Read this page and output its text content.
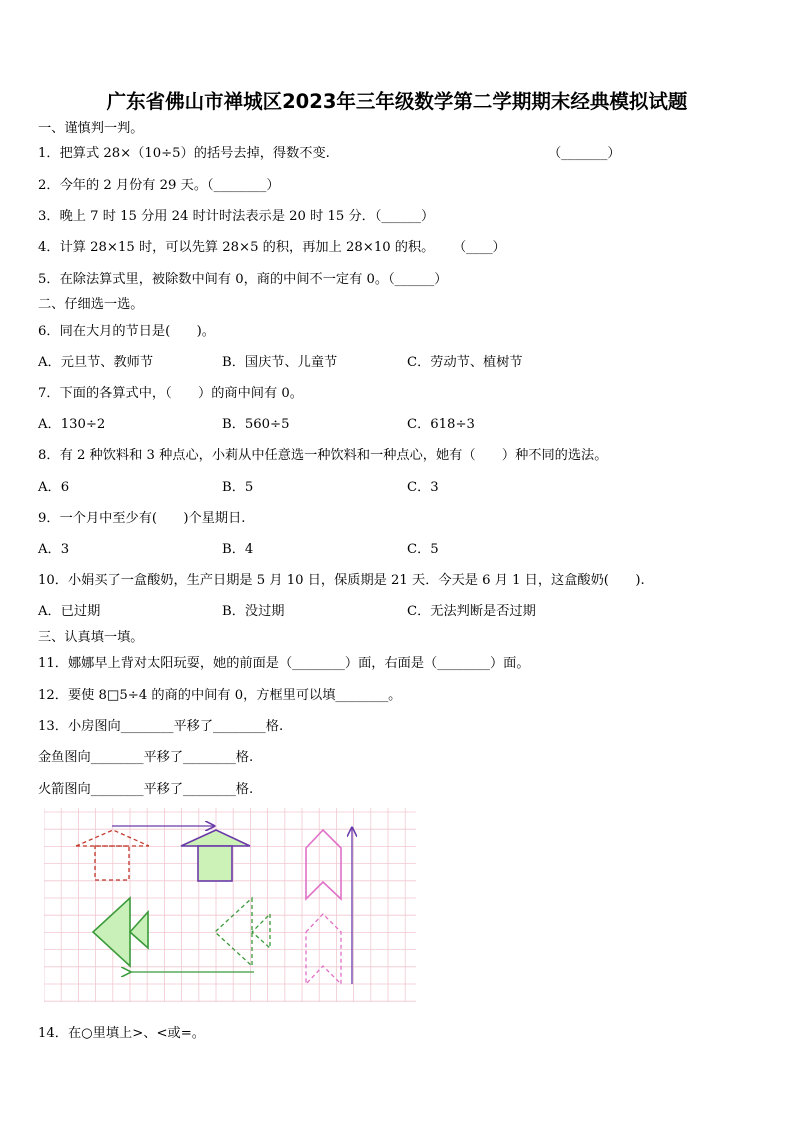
广东省佛山市禅城区2023年三年级数学第二学期期末经典模拟试题
一、谨慎判一判。
1．把算式 28×（10÷5）的括号去掉，得数不变.	（_______）
2．今年的 2 月份有 29 天。（________）
3．晚上 7 时 15 分用 24 时计时法表示是 20 时 15 分．（______）
4．计算 28×15 时，可以先算 28×5 的积，再加上 28×10 的积。 （____）
5．在除法算式里，被除数中间有 0，商的中间不一定有 0。（______）
二、仔细选一选。
6．同在大月的节日是(　　)。
A．元旦节、教师节	B．国庆节、儿童节	C．劳动节、植树节
7．下面的各算式中，（　　）的商中间有 0。
A．130÷2	B．560÷5	C．618÷3
8．有 2 种饮料和 3 种点心，小莉从中任意选一种饮料和一种点心，她有（　　）种不同的选法。
A．6	B．5	C．3
9．一个月中至少有(　　)个星期日.
A．3	B．4	C．5
10．小娟买了一盒酸奶，生产日期是 5 月 10 日，保质期是 21 天．今天是 6 月 1 日，这盒酸奶(　　).
A．已过期	B．没过期	C．无法判断是否过期
三、认真填一填。
11．娜娜早上背对太阳玩耍，她的前面是（________）面，右面是（________）面。
12．要使 8□5÷4 的商的中间有 0，方框里可以填________。
13．小房图向________平移了________格.
金鱼图向________平移了________格.
火箭图向________平移了________格.
14．在○里填上>、<或=。
